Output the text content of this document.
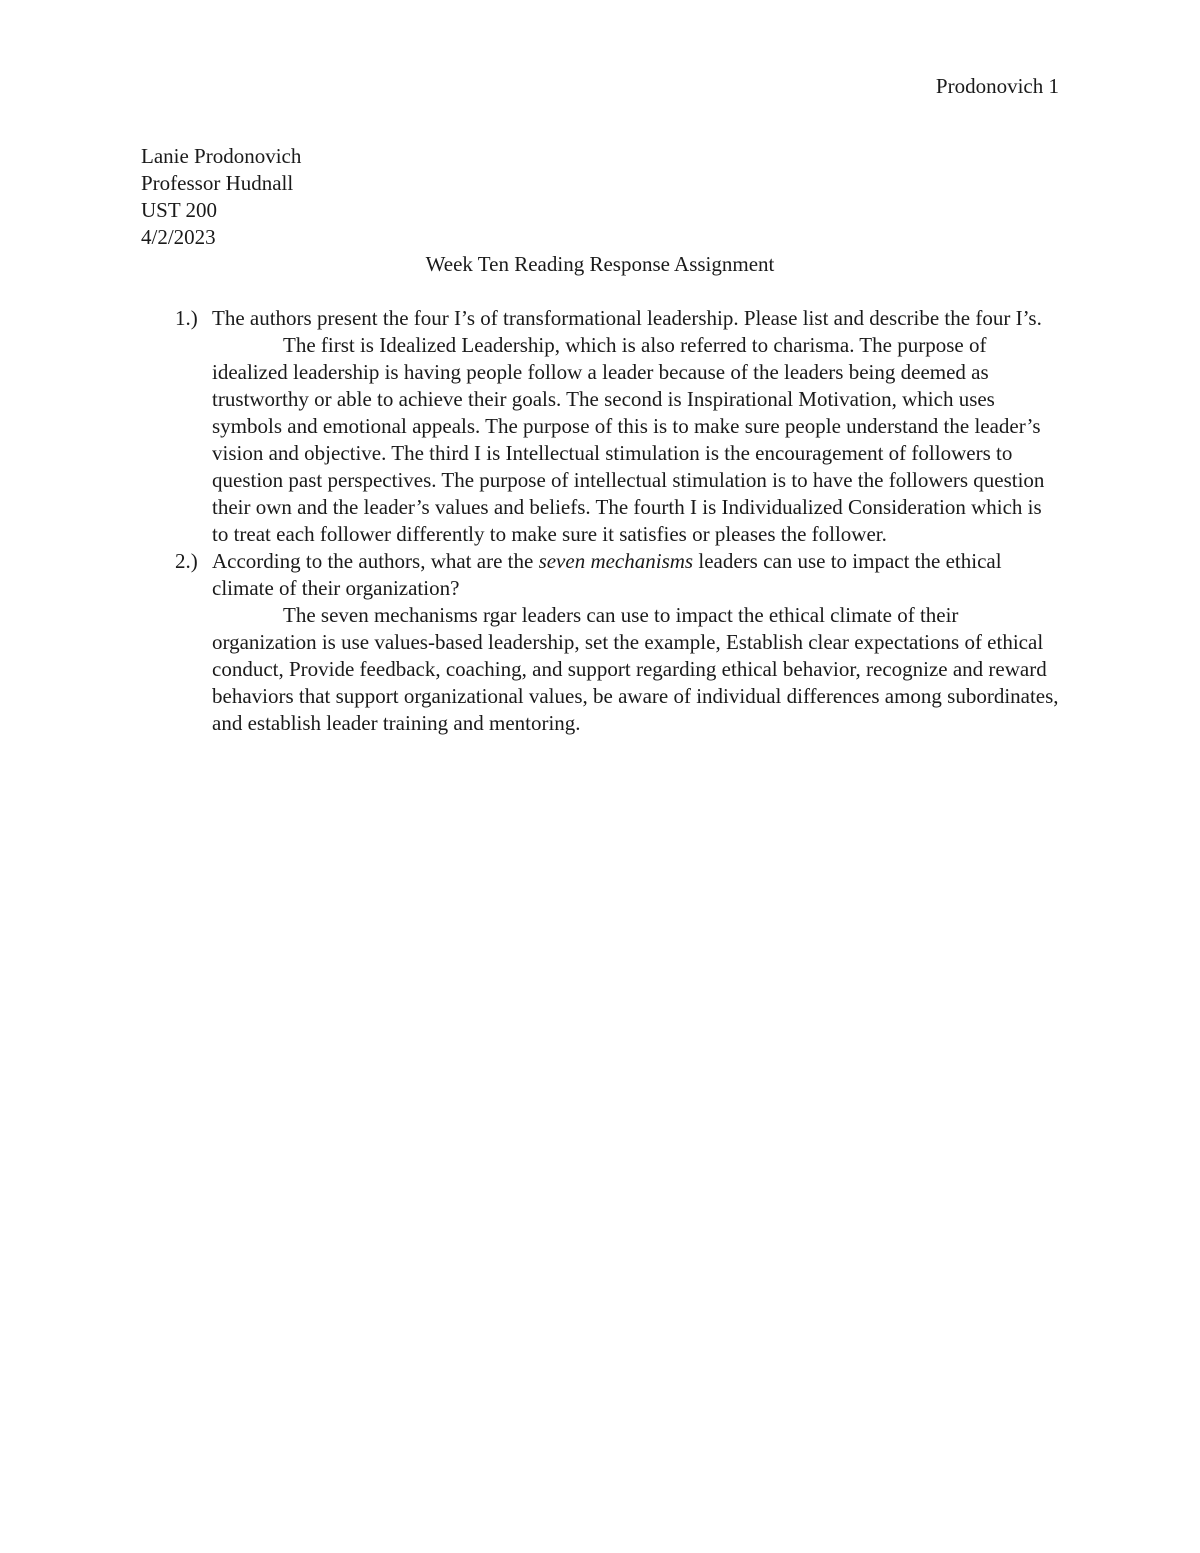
Prodonovich 1

Lanie Prodonovich

Professor Hudnall

UST 200

4/2/2023

Week Ten Reading Response Assignment

1.) The authors present the four I’s of transformational leadership. Please list and describe the four I’s.

The first is Idealized Leadership, which is also referred to charisma. The purpose of idealized leadership is having people follow a leader because of the leaders being deemed as trustworthy or able to achieve their goals. The second is Inspirational Motivation, which uses symbols and emotional appeals. The purpose of this is to make sure people understand the leader’s vision and objective. The third I is Intellectual stimulation is the encouragement of followers to question past perspectives. The purpose of intellectual stimulation is to have the followers question their own and the leader’s values and beliefs. The fourth I is Individualized Consideration which is to treat each follower differently to make sure it satisfies or pleases the follower.

2.) According to the authors, what are the seven mechanisms leaders can use to impact the ethical climate of their organization?

The seven mechanisms rgar leaders can use to impact the ethical climate of their organization is use values-based leadership, set the example, Establish clear expectations of ethical conduct, Provide feedback, coaching, and support regarding ethical behavior, recognize and reward behaviors that support organizational values, be aware of individual differences among subordinates, and establish leader training and mentoring.
